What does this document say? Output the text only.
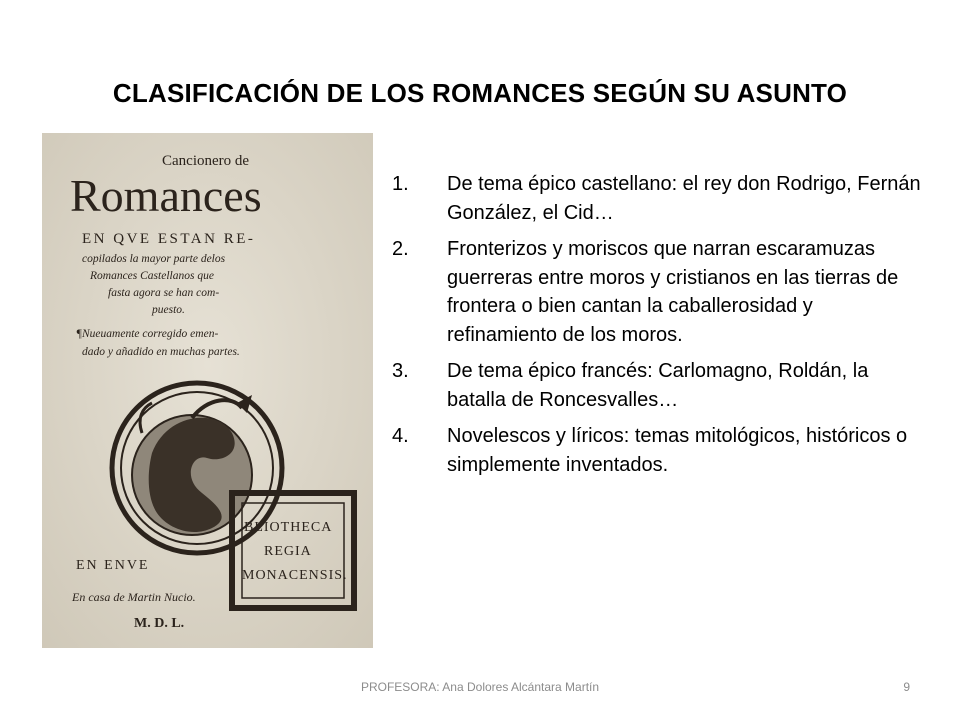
CLASIFICACIÓN DE LOS ROMANCES SEGÚN SU ASUNTO
Cancionero de
Romances
EN QVE ESTAN RE-
copilados la mayor parte delos
Romances Castellanos que
fasta agora se han com-
puesto.
¶Nueuamente corregido emen-
dado y añadido en muchas partes.
EN ENVE
En casa de Martin Nucio.
M. D. L.
BLIOTHECA
REGIA
MONACENSIS.
1.	De tema épico castellano: el rey don Rodrigo, Fernán González, el Cid…
2.	Fronterizos y moriscos que narran escaramuzas guerreras entre moros y cristianos en las tierras de frontera o bien cantan la caballerosidad y refinamiento de los moros.
3.	De tema épico francés: Carlomagno, Roldán, la batalla de Roncesvalles…
4.	Novelescos y líricos: temas mitológicos, históricos o simplemente inventados.
PROFESORA: Ana Dolores Alcántara Martín	9
